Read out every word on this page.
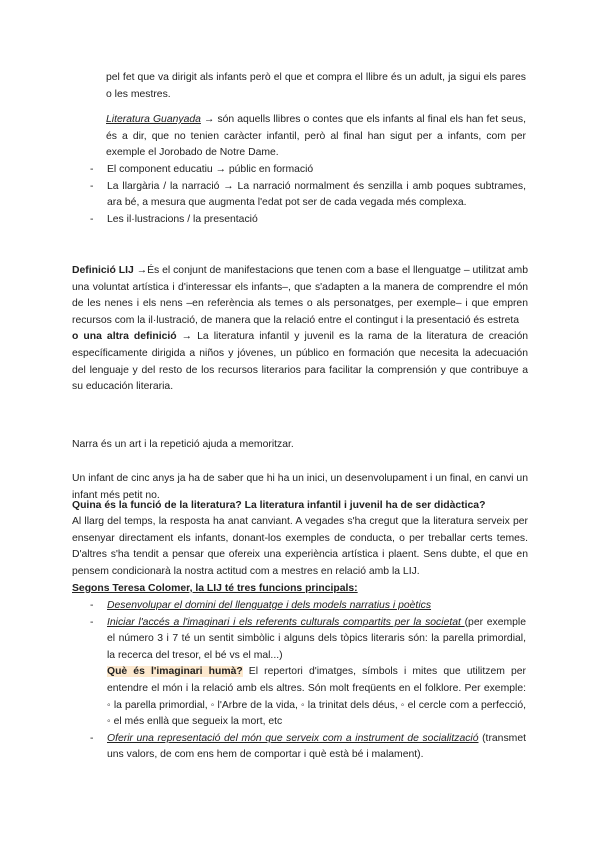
pel fet que va dirigit als infants però el que et compra el llibre és un adult, ja sigui els pares o les mestres.

Literatura Guanyada → són aquells llibres o contes que els infants al final els han fet seus, és a dir, que no tenien caràcter infantil, però al final han sigut per a infants, com per exemple el Jorobado de Notre Dame.

- El component educatiu → públic en formació
- La llargària / la narració → La narració normalment és senzilla i amb poques subtrames, ara bé, a mesura que augmenta l'edat pot ser de cada vegada més complexa.
- Les il·lustracions / la presentació

Definició LIJ →És el conjunt de manifestacions que tenen com a base el llenguatge – utilitzat amb una voluntat artística i d'interessar els infants–, que s'adapten a la manera de comprendre el món de les nenes i els nens –en referència als temes o als personatges, per exemple– i que empren recursos com la il·lustració, de manera que la relació entre el contingut i la presentació és estreta

o una altra definició → La literatura infantil y juvenil es la rama de la literatura de creación específicamente dirigida a niños y jóvenes, un público en formación que necesita la adecuación del lenguaje y del resto de los recursos literarios para facilitar la comprensión y que contribuye a su educación literaria.

Narra és un art i la repetició ajuda a memoritzar.

Un infant de cinc anys ja ha de saber que hi ha un inici, un desenvolupament i un final, en canvi un infant més petit no.

Quina és la funció de la literatura? La literatura infantil i juvenil ha de ser didàctica?

Al llarg del temps, la resposta ha anat canviant. A vegades s'ha cregut que la literatura serveix per ensenyar directament els infants, donant-los exemples de conducta, o per treballar certs temes. D'altres s'ha tendit a pensar que ofereix una experiència artística i plaent. Sens dubte, el que en pensem condicionarà la nostra actitud com a mestres en relació amb la LIJ.

Segons Teresa Colomer, la LIJ té tres funcions principals:

- Desenvolupar el domini del llenguatge i dels models narratius i poètics
- Iniciar l'accés a l'imaginari i els referents culturals compartits per la societat (per exemple el número 3 i 7 té un sentit simbòlic i alguns dels tòpics literaris són: la parella primordial, la recerca del tresor, el bé vs el mal...)
Què és l'imaginari humà? El repertori d'imatges, símbols i mites que utilitzem per entendre el món i la relació amb els altres. Són molt freqüents en el folklore. Per exemple: ◦ la parella primordial, ◦ l'Arbre de la vida, ◦ la trinitat dels déus, ◦ el cercle com a perfecció, ◦ el més enllà que segueix la mort, etc
- Oferir una representació del món que serveix com a instrument de socialització (transmet uns valors, de com ens hem de comportar i què està bé i malament).
